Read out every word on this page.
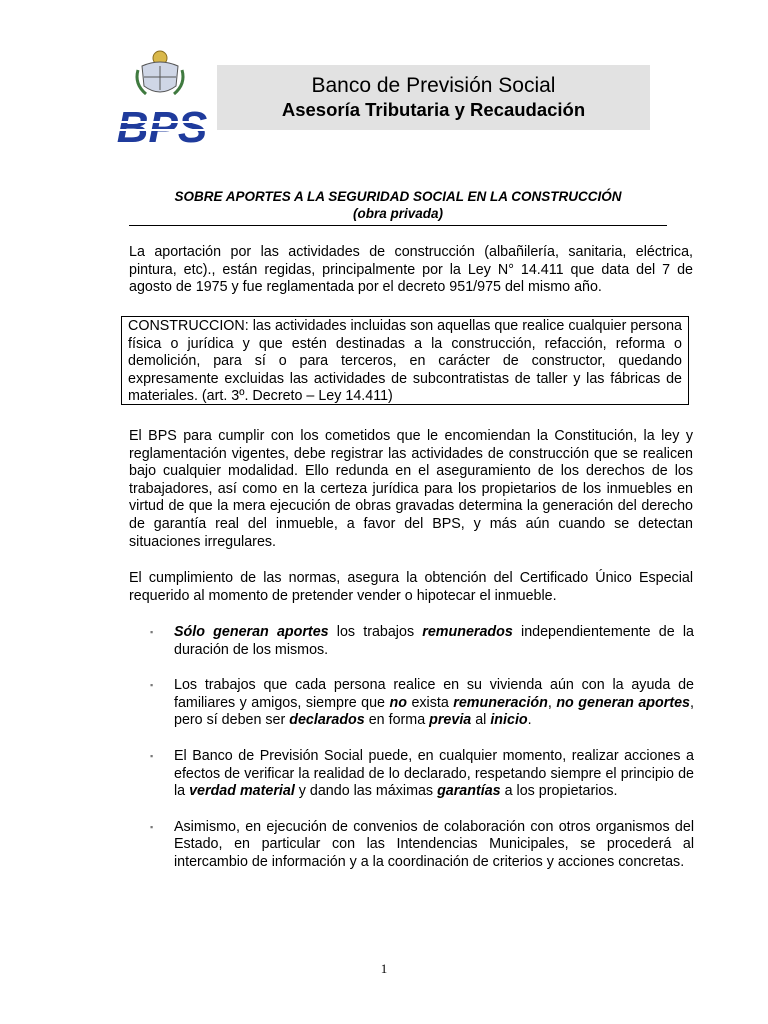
BPS
Banco de Previsión Social
Asesoría Tributaria y Recaudación
SOBRE APORTES A LA SEGURIDAD SOCIAL EN LA CONSTRUCCIÓN
(obra privada)

La aportación por las actividades de construcción (albañilería, sanitaria, eléctrica, pintura, etc)., están regidas, principalmente por la Ley N° 14.411 que data del 7 de agosto de 1975 y fue reglamentada por el decreto 951/975 del mismo año.

CONSTRUCCION: las actividades incluidas son aquellas que realice cualquier persona física o jurídica y que estén destinadas a la construcción, refacción, reforma o demolición, para sí o para terceros, en carácter de constructor, quedando expresamente excluidas las actividades de subcontratistas de taller y las fábricas de materiales. (art. 3º. Decreto – Ley 14.411)

El BPS para cumplir con los cometidos que le encomiendan la Constitución, la ley y reglamentación vigentes, debe registrar las actividades de construcción que se realicen bajo cualquier modalidad. Ello redunda en el aseguramiento de los derechos de los trabajadores, así como en la certeza jurídica para los propietarios de los inmuebles en virtud de que la mera ejecución de obras gravadas determina la generación del derecho de garantía real del inmueble, a favor del BPS, y más aún cuando se detectan situaciones irregulares.

El cumplimiento de las normas, asegura la obtención del Certificado Único Especial requerido al momento de pretender vender o hipotecar el inmueble.

▪ Sólo generan aportes los trabajos remunerados independientemente de la duración de los mismos.
▪ Los trabajos que cada persona realice en su vivienda aún con la ayuda de familiares y amigos, siempre que no exista remuneración, no generan aportes, pero sí deben ser declarados en forma previa al inicio.
▪ El Banco de Previsión Social puede, en cualquier momento, realizar acciones a efectos de verificar la realidad de lo declarado, respetando siempre el principio de la verdad material y dando las máximas garantías a los propietarios.
▪ Asimismo, en ejecución de convenios de colaboración con otros organismos del Estado, en particular con las Intendencias Municipales, se procederá al intercambio de información y a la coordinación de criterios y acciones concretas.
1
